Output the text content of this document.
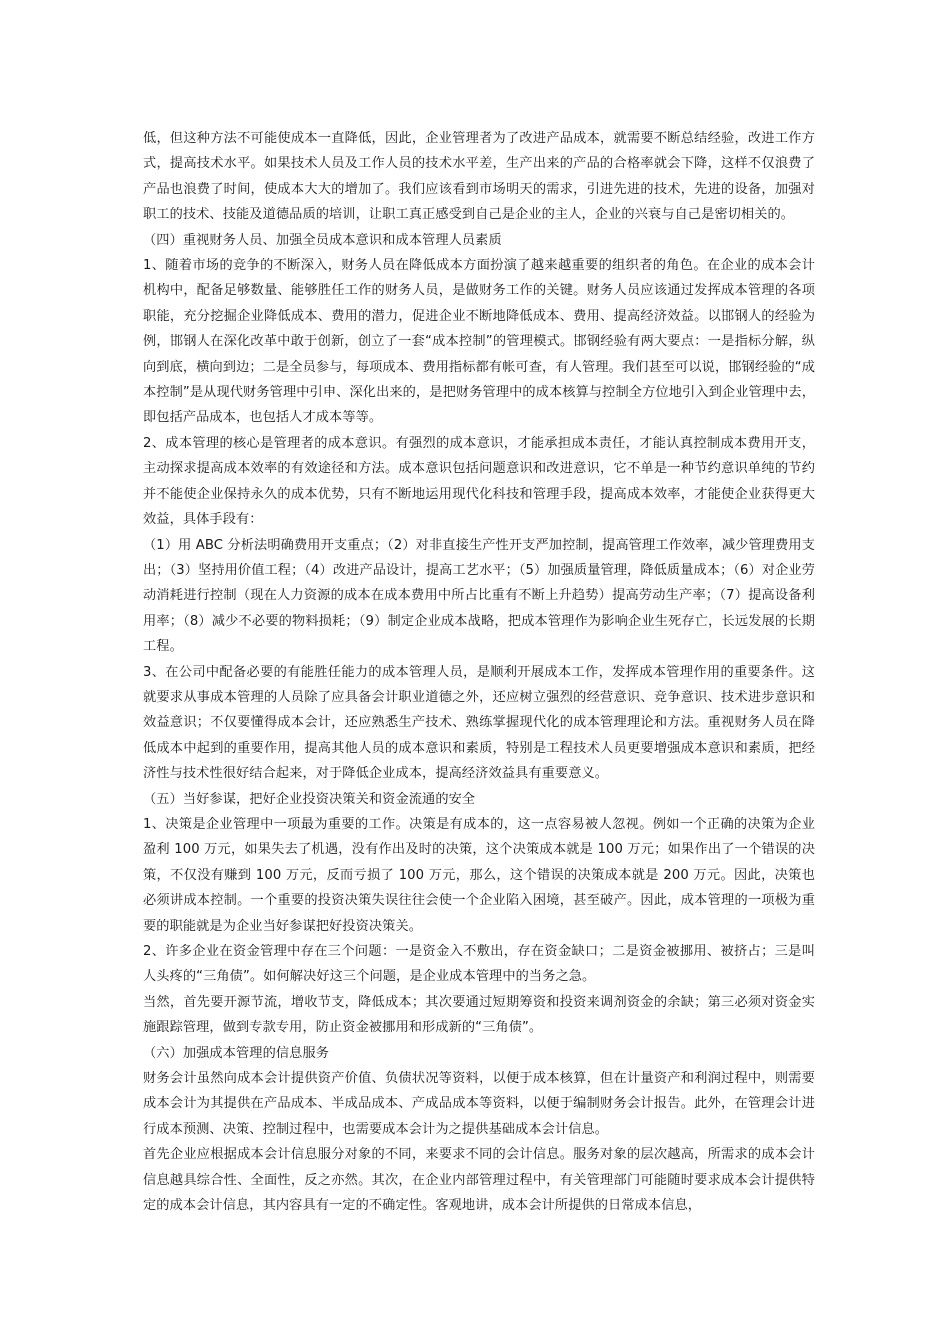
低，但这种方法不可能使成本一直降低，因此，企业管理者为了改进产品成本，就需要不断总结经验，改进工作方式，提高技术水平。如果技术人员及工作人员的技术水平差，生产出来的产品的合格率就会下降，这样不仅浪费了产品也浪费了时间，使成本大大的增加了。我们应该看到市场明天的需求，引进先进的技术，先进的设备，加强对职工的技术、技能及道德品质的培训，让职工真正感受到自己是企业的主人，企业的兴衰与自己是密切相关的。

（四）重视财务人员、加强全员成本意识和成本管理人员素质

1、随着市场的竞争的不断深入，财务人员在降低成本方面扮演了越来越重要的组织者的角色。在企业的成本会计机构中，配备足够数量、能够胜任工作的财务人员，是做财务工作的关键。财务人员应该通过发挥成本管理的各项职能，充分挖掘企业降低成本、费用的潜力，促进企业不断地降低成本、费用、提高经济效益。以邯钢人的经验为例，邯钢人在深化改革中敢于创新，创立了一套“成本控制”的管理模式。邯钢经验有两大要点：一是指标分解，纵向到底，横向到边；二是全员参与，每项成本、费用指标都有帐可查，有人管理。我们甚至可以说，邯钢经验的“成本控制”是从现代财务管理中引申、深化出来的，是把财务管理中的成本核算与控制全方位地引入到企业管理中去，即包括产品成本，也包括人才成本等等。

2、成本管理的核心是管理者的成本意识。有强烈的成本意识，才能承担成本责任，才能认真控制成本费用开支，主动探求提高成本效率的有效途径和方法。成本意识包括问题意识和改进意识，它不单是一种节约意识单纯的节约并不能使企业保持永久的成本优势，只有不断地运用现代化科技和管理手段，提高成本效率，才能使企业获得更大效益，具体手段有：

（1）用 ABC 分析法明确费用开支重点；（2）对非直接生产性开支严加控制，提高管理工作效率，减少管理费用支出；（3）坚持用价值工程；（4）改进产品设计，提高工艺水平；（5）加强质量管理，降低质量成本；（6）对企业劳动消耗进行控制（现在人力资源的成本在成本费用中所占比重有不断上升趋势）提高劳动生产率；（7）提高设备利用率；（8）减少不必要的物料损耗；（9）制定企业成本战略，把成本管理作为影响企业生死存亡，长远发展的长期工程。

3、在公司中配备必要的有能胜任能力的成本管理人员，是顺利开展成本工作，发挥成本管理作用的重要条件。这就要求从事成本管理的人员除了应具备会计职业道德之外，还应树立强烈的经营意识、竞争意识、技术进步意识和效益意识；不仅要懂得成本会计，还应熟悉生产技术、熟练掌握现代化的成本管理理论和方法。重视财务人员在降低成本中起到的重要作用，提高其他人员的成本意识和素质，特别是工程技术人员更要增强成本意识和素质，把经济性与技术性很好结合起来，对于降低企业成本，提高经济效益具有重要意义。

（五）当好参谋，把好企业投资决策关和资金流通的安全

1、决策是企业管理中一项最为重要的工作。决策是有成本的，这一点容易被人忽视。例如一个正确的决策为企业盈利 100 万元，如果失去了机遇，没有作出及时的决策，这个决策成本就是 100 万元；如果作出了一个错误的决策，不仅没有赚到 100 万元，反而亏损了 100 万元，那么，这个错误的决策成本就是 200 万元。因此，决策也必须讲成本控制。一个重要的投资决策失误往往会使一个企业陷入困境，甚至破产。因此，成本管理的一项极为重要的职能就是为企业当好参谋把好投资决策关。

2、许多企业在资金管理中存在三个问题：一是资金入不敷出，存在资金缺口；二是资金被挪用、被挤占；三是叫人头疼的“三角债”。如何解决好这三个问题，是企业成本管理中的当务之急。

当然，首先要开源节流，增收节支，降低成本；其次要通过短期筹资和投资来调剂资金的余缺；第三必须对资金实施跟踪管理，做到专款专用，防止资金被挪用和形成新的“三角债”。

（六）加强成本管理的信息服务

财务会计虽然向成本会计提供资产价值、负债状况等资料，以便于成本核算，但在计量资产和利润过程中，则需要成本会计为其提供在产品成本、半成品成本、产成品成本等资料，以便于编制财务会计报告。此外，在管理会计进行成本预测、决策、控制过程中，也需要成本会计为之提供基础成本会计信息。

首先企业应根据成本会计信息服分对象的不同，来要求不同的会计信息。服务对象的层次越高，所需求的成本会计信息越具综合性、全面性，反之亦然。其次，在企业内部管理过程中，有关管理部门可能随时要求成本会计提供特定的成本会计信息，其内容具有一定的不确定性。客观地讲，成本会计所提供的日常成本信息，
